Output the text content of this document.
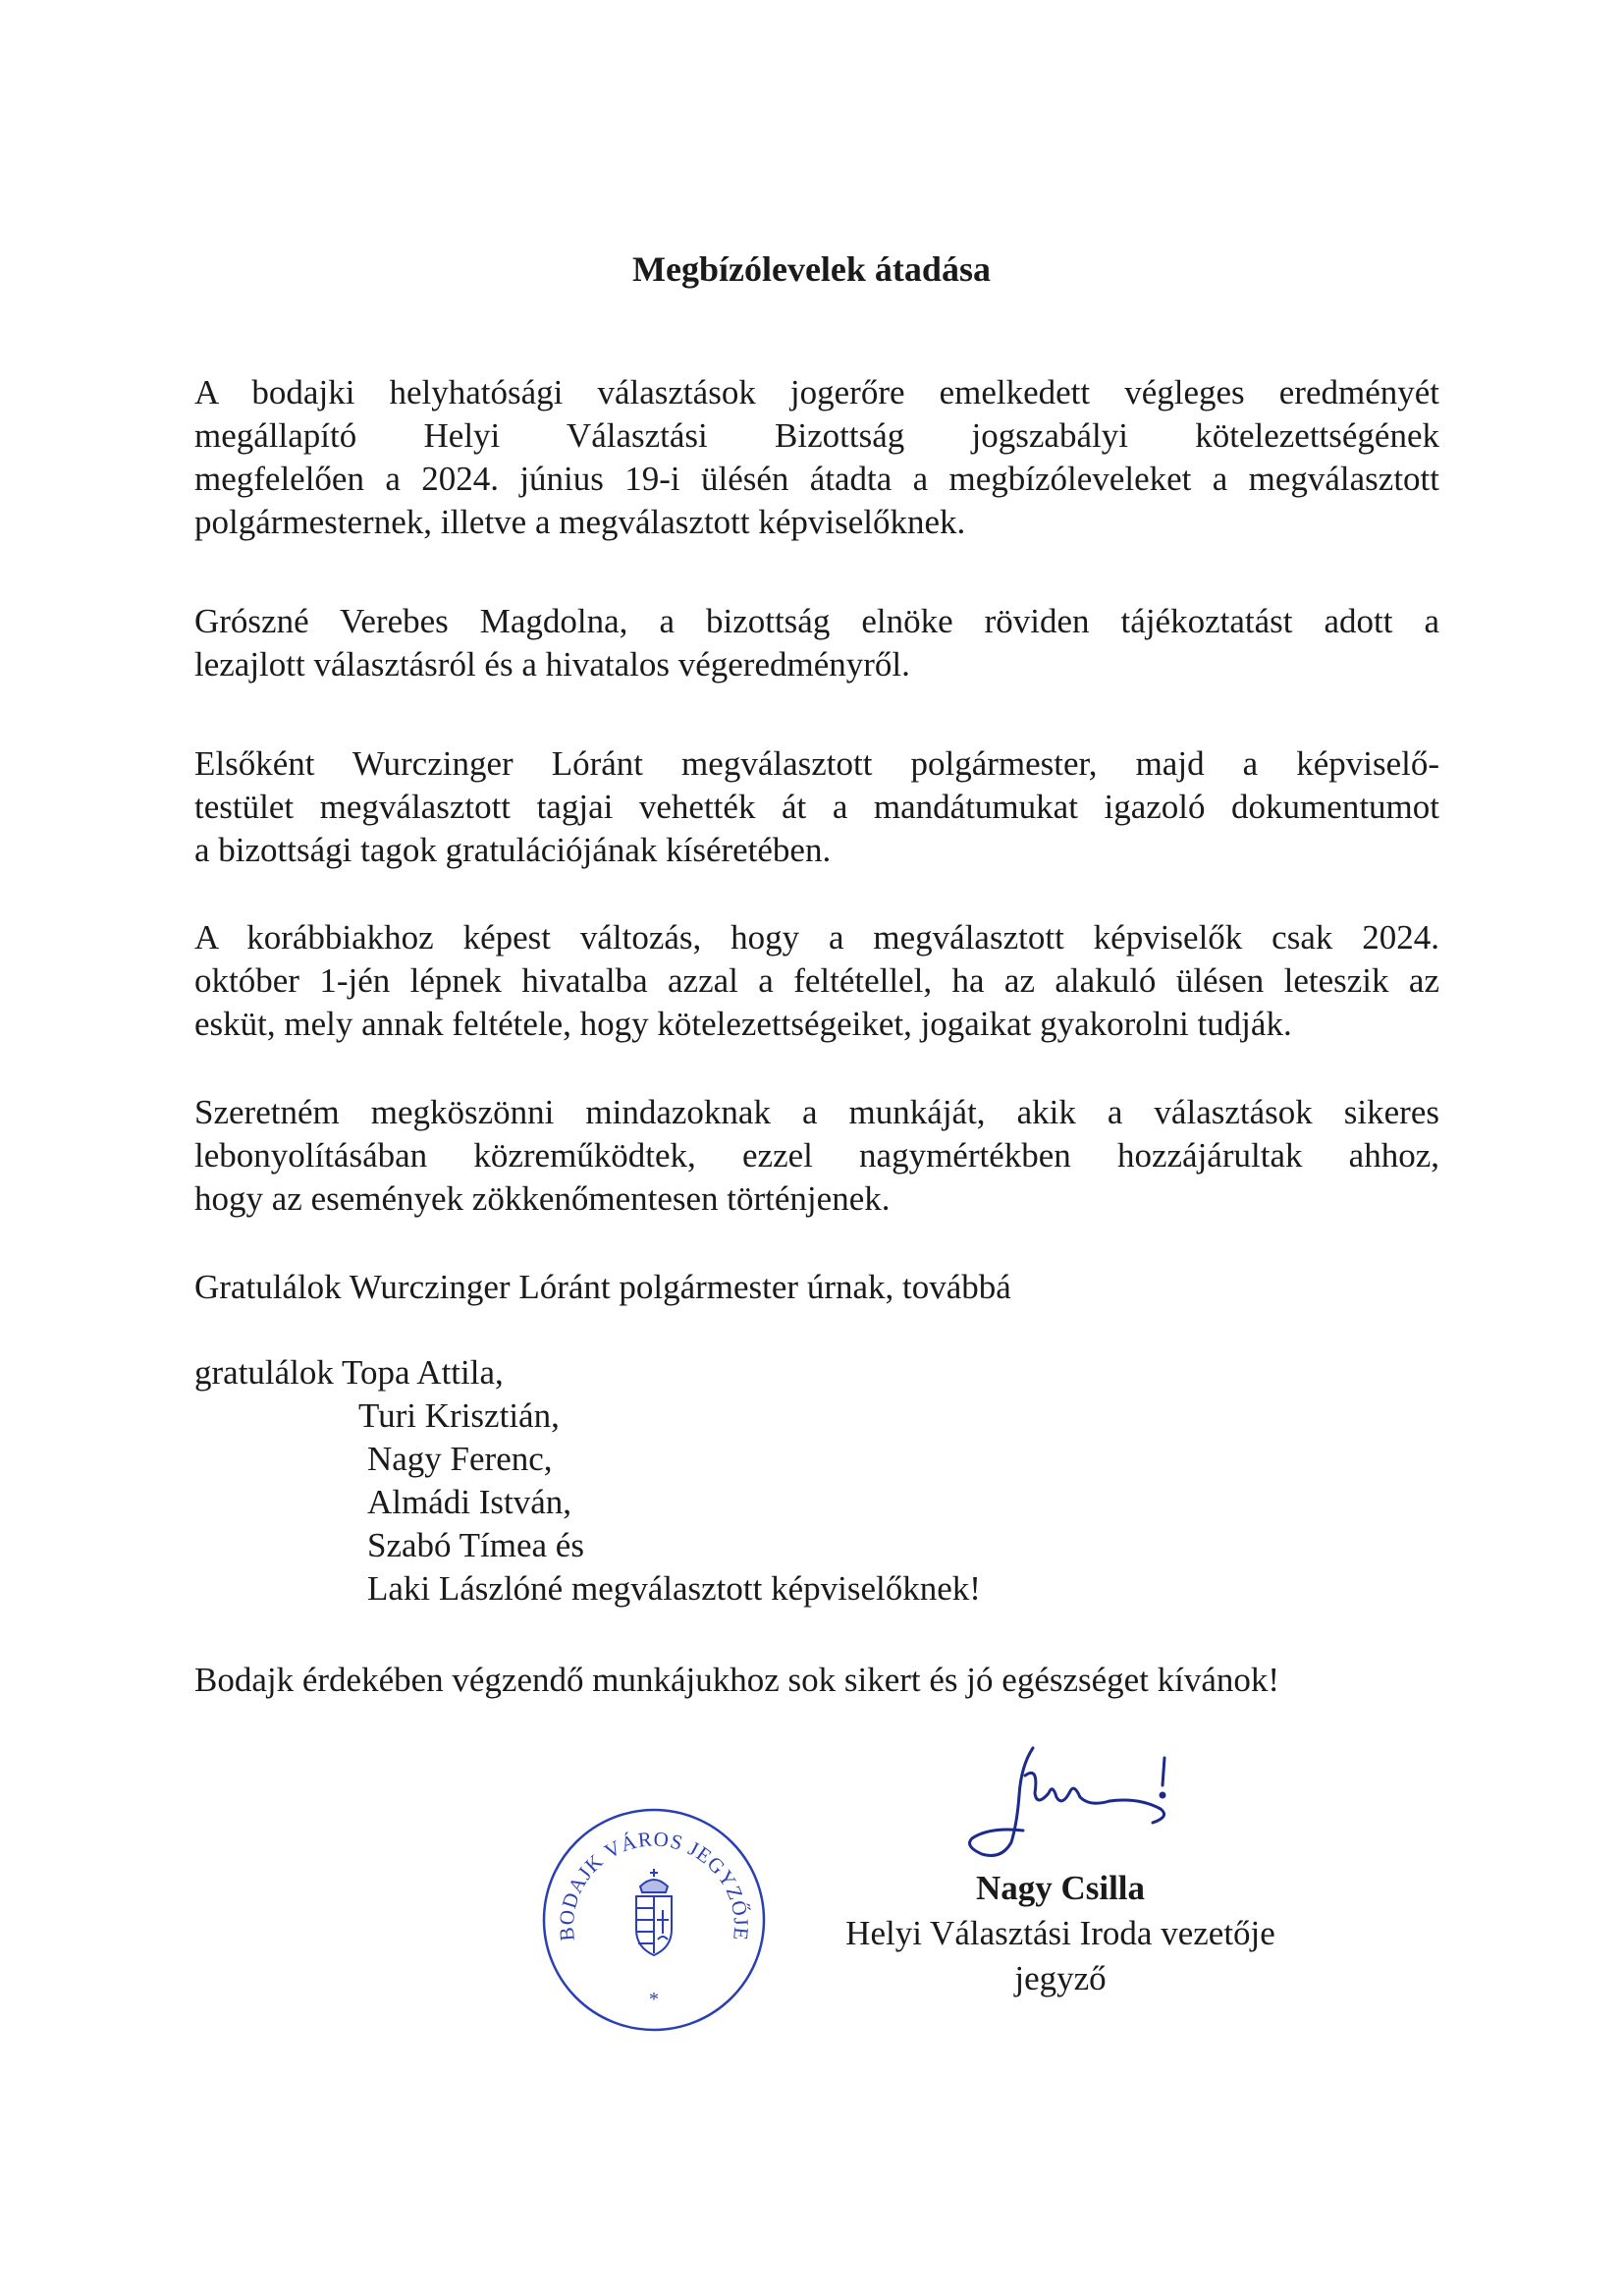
Megbízólevelek átadása
A bodajki helyhatósági választások jogerőre emelkedett végleges eredményét
megállapító Helyi Választási Bizottság jogszabályi kötelezettségének
megfelelően a 2024. június 19-i ülésén átadta a megbízóleveleket a megválasztott
polgármesternek, illetve a megválasztott képviselőknek.
Grószné Verebes Magdolna, a bizottság elnöke röviden tájékoztatást adott a
lezajlott választásról és a hivatalos végeredményről.
Elsőként Wurczinger Lóránt megválasztott polgármester, majd a képviselő-
testület megválasztott tagjai vehették át a mandátumukat igazoló dokumentumot
a bizottsági tagok gratulációjának kíséretében.
A korábbiakhoz képest változás, hogy a megválasztott képviselők csak 2024.
október 1-jén lépnek hivatalba azzal a feltétellel, ha az alakuló ülésen leteszik az
esküt, mely annak feltétele, hogy kötelezettségeiket, jogaikat gyakorolni tudják.
Szeretném megköszönni mindazoknak a munkáját, akik a választások sikeres
lebonyolításában közreműködtek, ezzel nagymértékben hozzájárultak ahhoz,
hogy az események zökkenőmentesen történjenek.
Gratulálok Wurczinger Lóránt polgármester úrnak, továbbá
gratulálok Topa Attila,
Turi Krisztián,
Nagy Ferenc,
Almádi István,
Szabó Tímea és
Laki Lászlóné megválasztott képviselőknek!
Bodajk érdekében végzendő munkájukhoz sok sikert és jó egészséget kívánok!
BODAJK VÁROS JEGYZŐJE
*
Nagy Csilla
Helyi Választási Iroda vezetője
jegyző
